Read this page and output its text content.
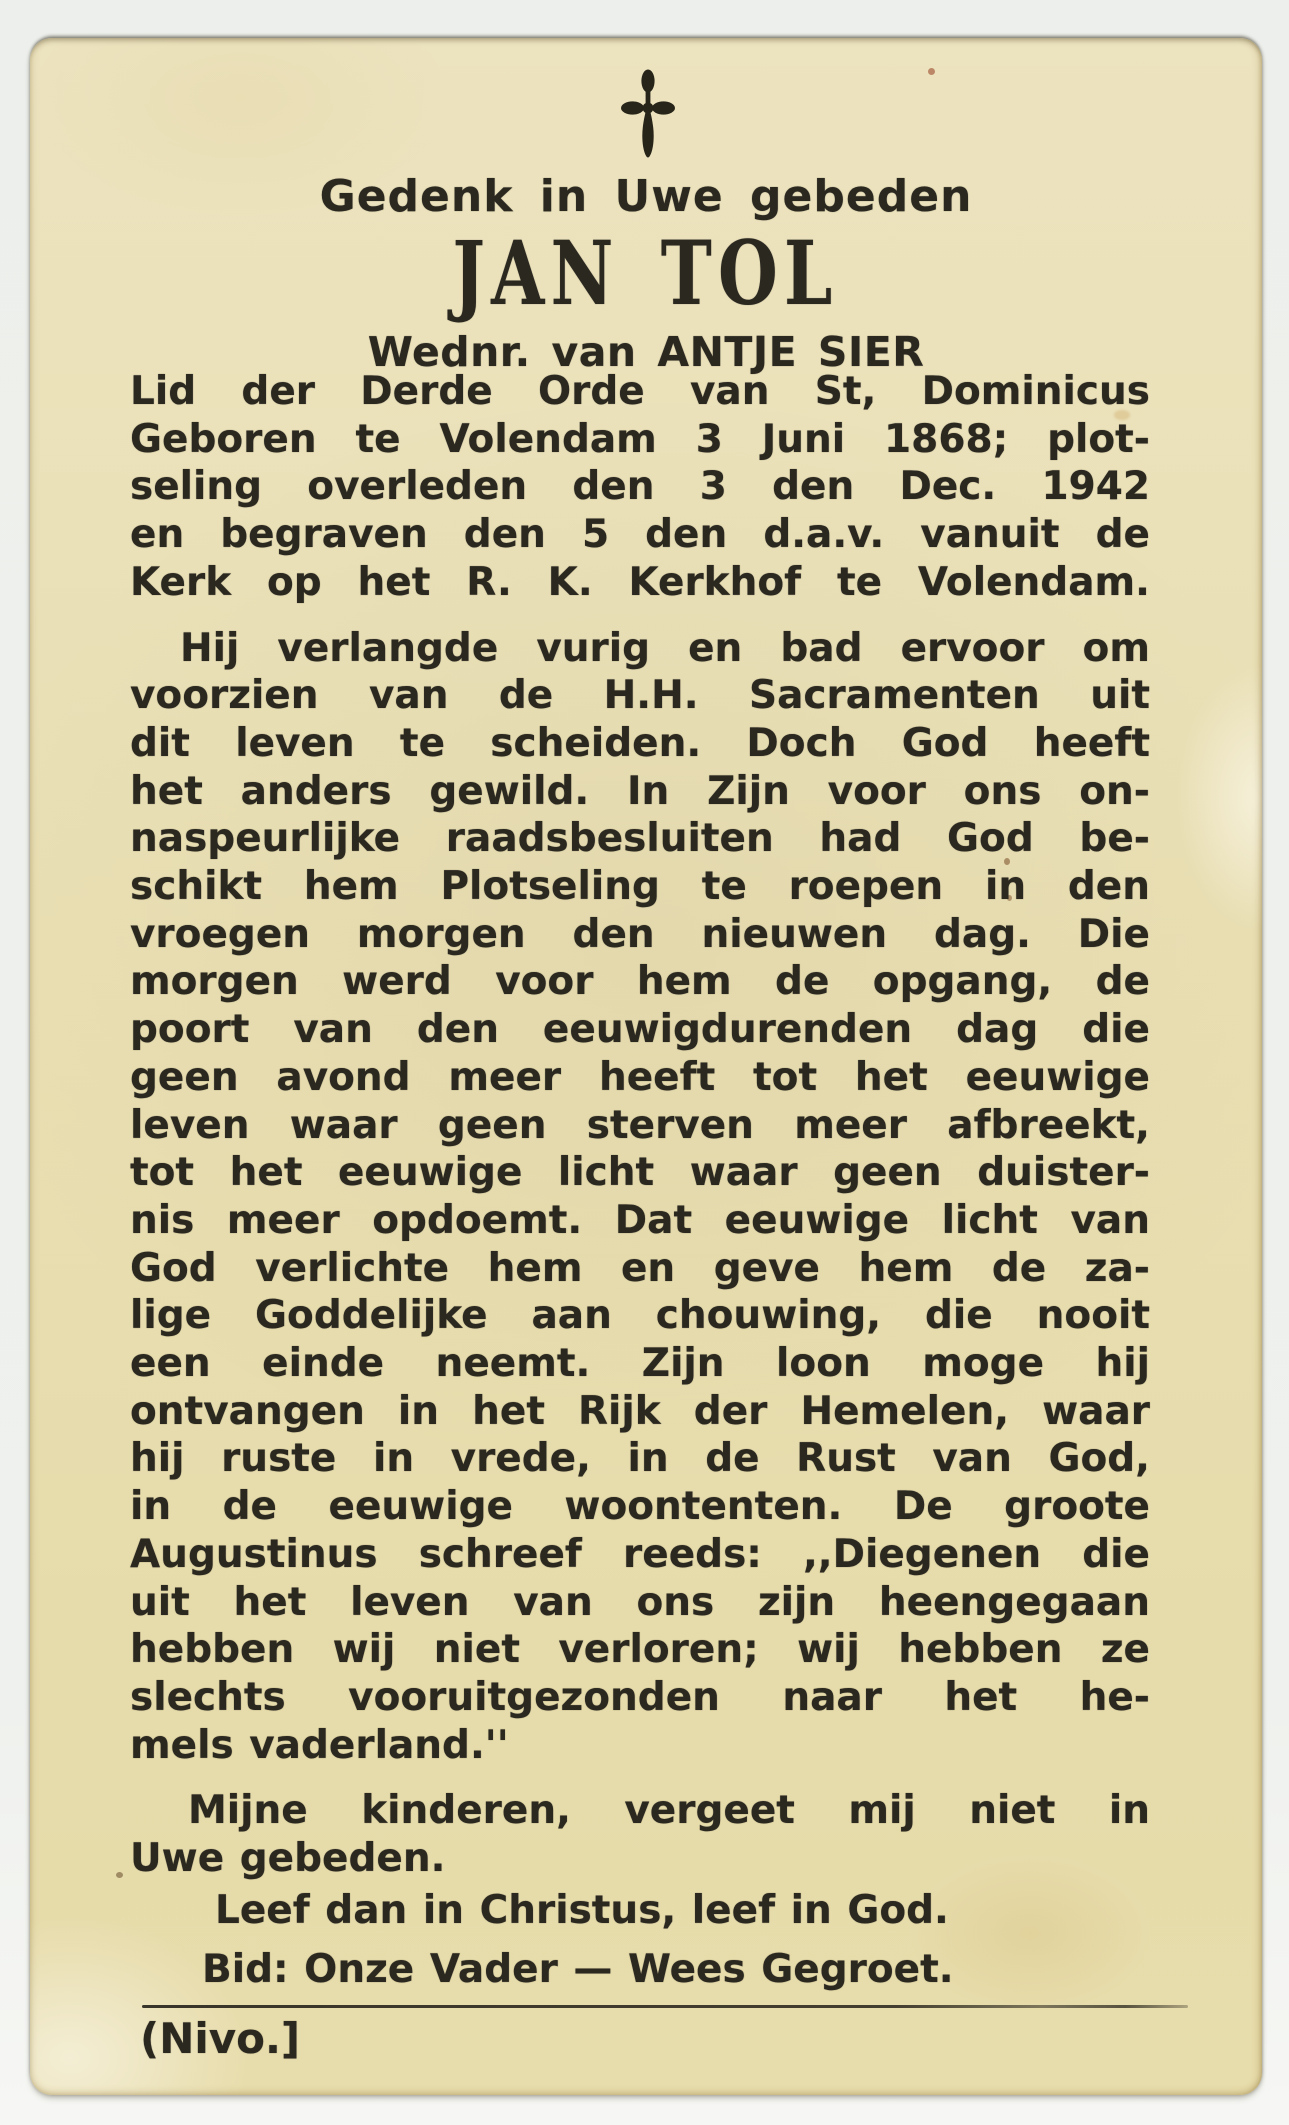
Gedenk in Uwe gebeden
JAN TOL
Wednr. van ANTJE SIER
Lid der Derde Orde van St, Dominicus
Geboren te Volendam 3 Juni 1868; plot-
seling overleden den 3 den Dec. 1942
en begraven den 5 den d.a.v. vanuit de
Kerk op het R. K. Kerkhof te Volendam.
Hij verlangde vurig en bad ervoor om
voorzien van de H.H. Sacramenten uit
dit leven te scheiden. Doch God heeft
het anders gewild. In Zijn voor ons on-
naspeurlijke raadsbesluiten had God be-
schikt hem Plotseling te roepen in den
vroegen morgen den nieuwen dag. Die
morgen werd voor hem de opgang, de
poort van den eeuwigdurenden dag die
geen avond meer heeft tot het eeuwige
leven waar geen sterven meer afbreekt,
tot het eeuwige licht waar geen duister-
nis meer opdoemt. Dat eeuwige licht van
God verlichte hem en geve hem de za-
lige Goddelijke aan chouwing, die nooit
een einde neemt. Zijn loon moge hij
ontvangen in het Rijk der Hemelen, waar
hij ruste in vrede, in de Rust van God,
in de eeuwige woontenten. De groote
Augustinus schreef reeds: ,,Diegenen die
uit het leven van ons zijn heengegaan
hebben wij niet verloren; wij hebben ze
slechts vooruitgezonden naar het he-
mels vaderland.''
Mijne kinderen, vergeet mij niet in
Uwe gebeden.
Leef dan in Christus, leef in God.
Bid: Onze Vader — Wees Gegroet.
(Nivo.]
